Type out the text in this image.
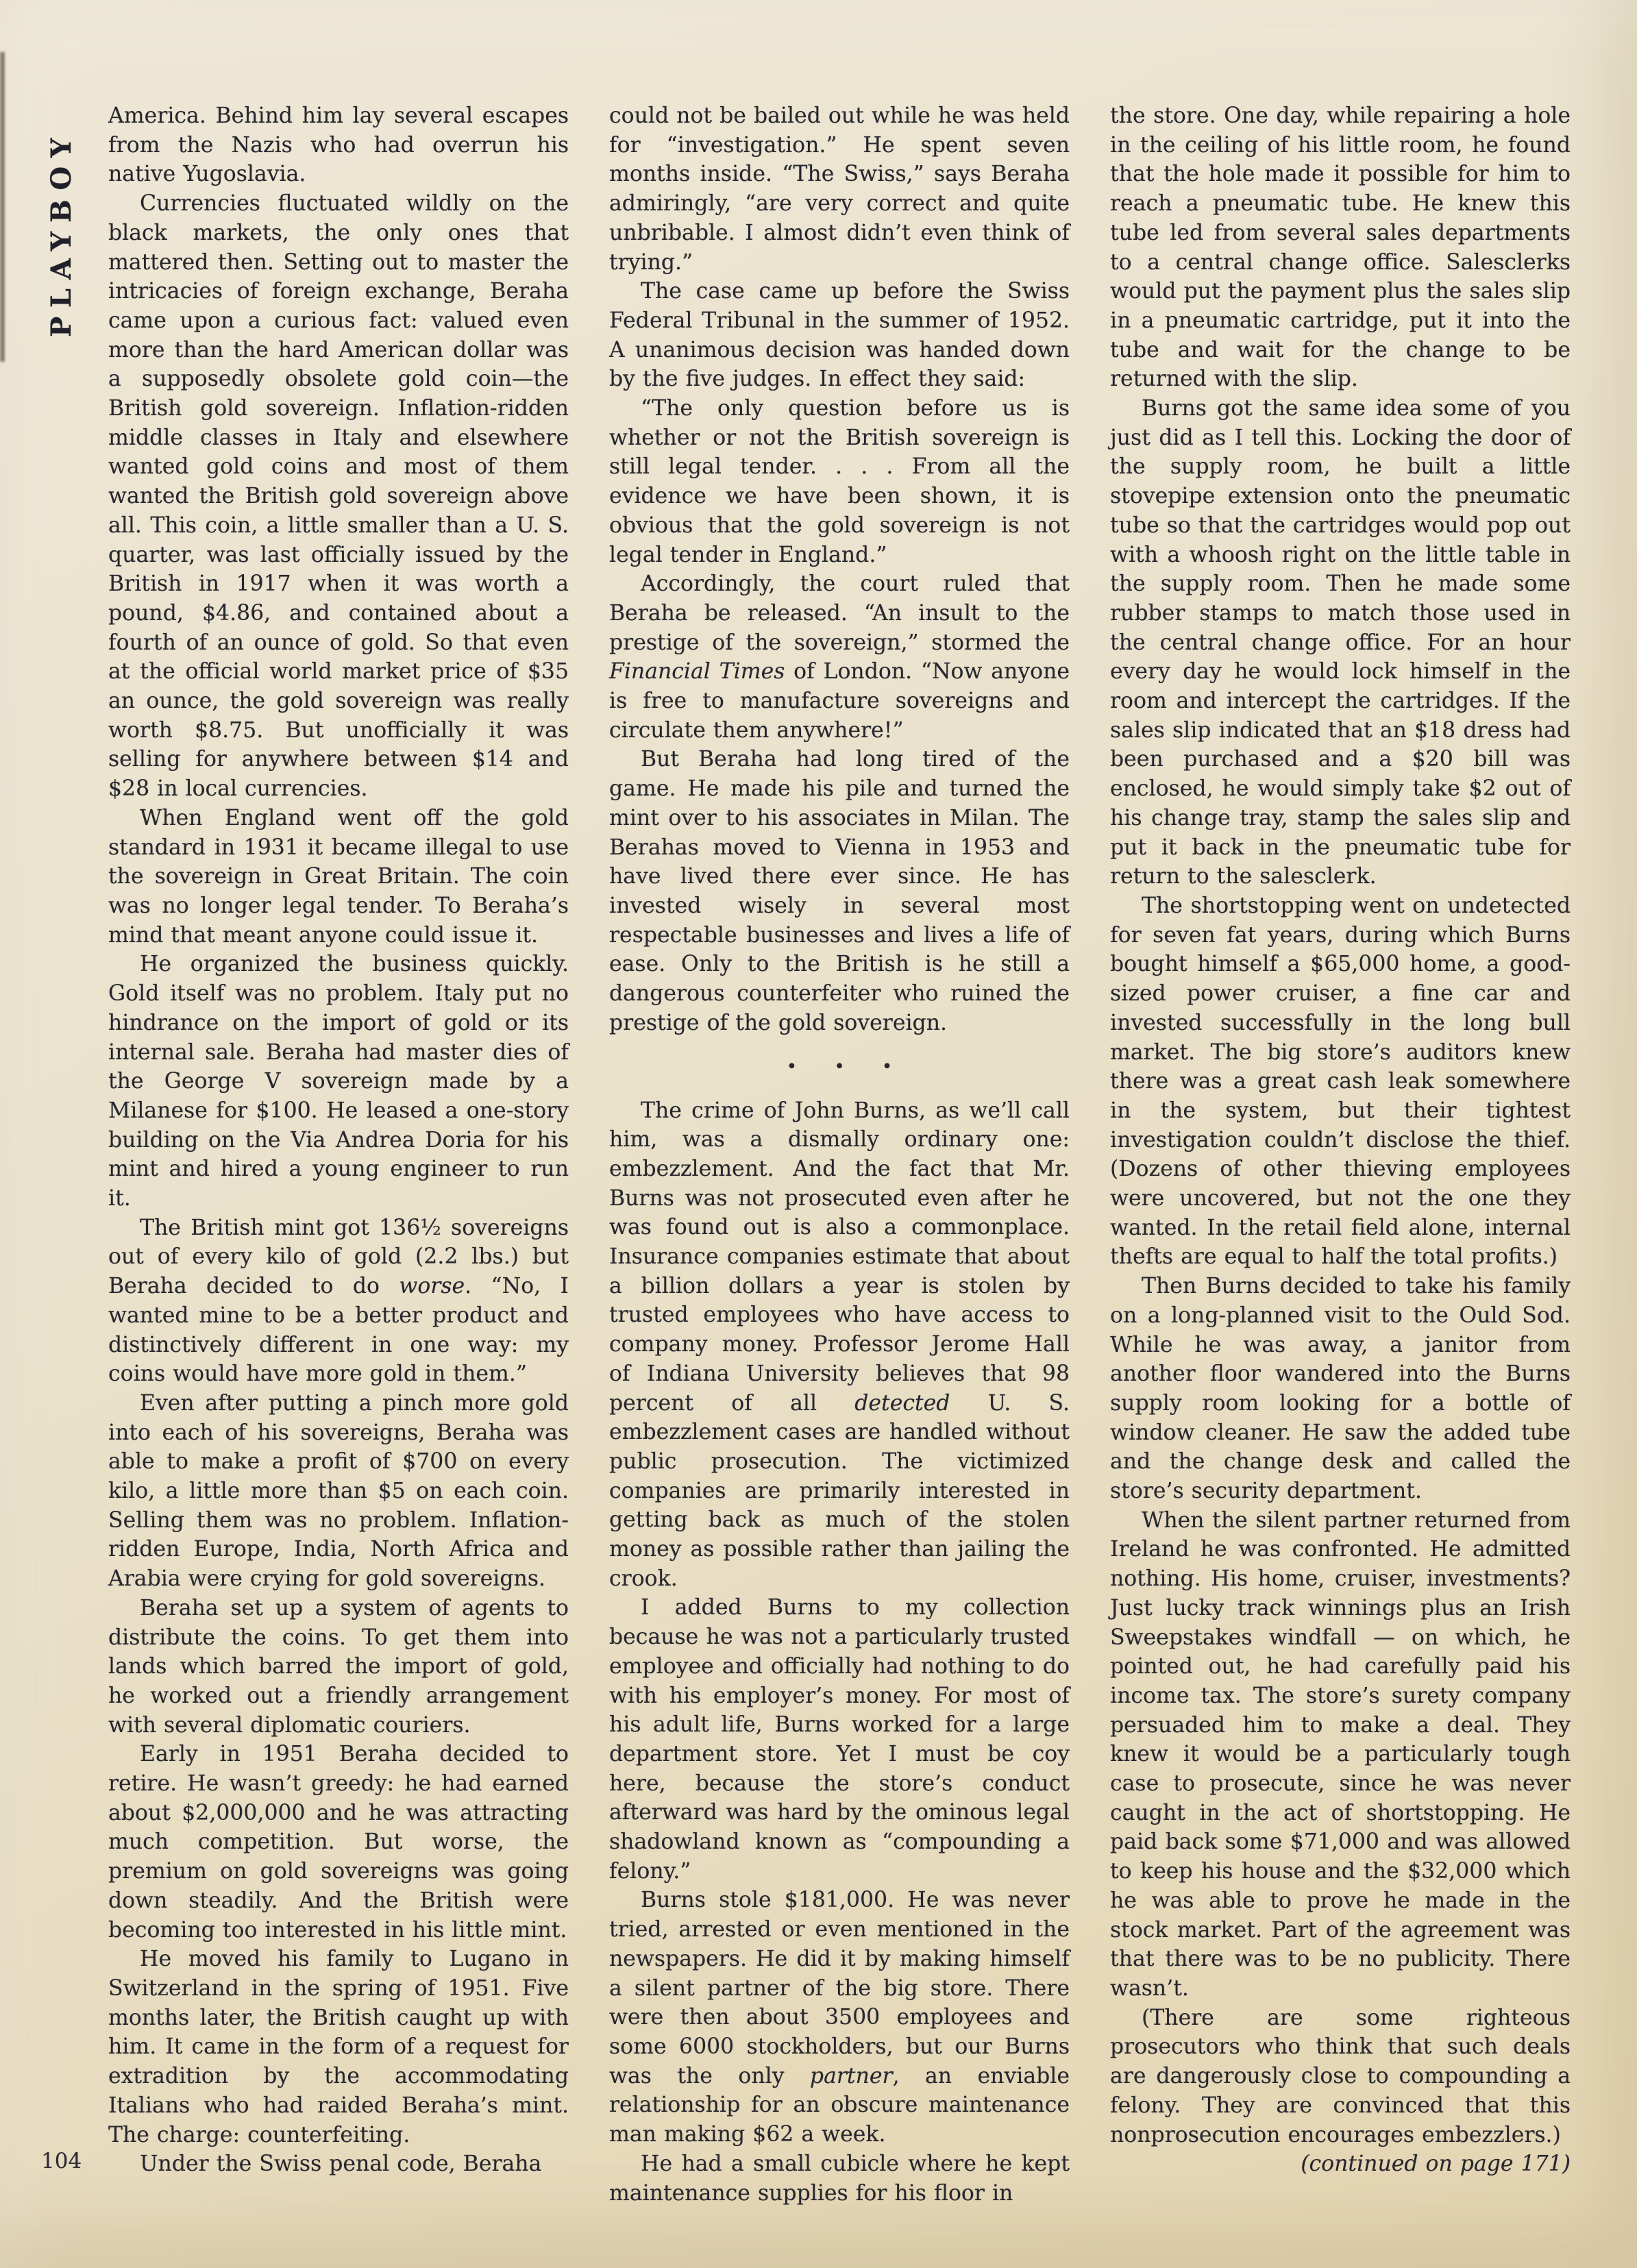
PLAYBOY

America. Behind him lay several escapes from the Nazis who had overrun his native Yugoslavia.

Currencies fluctuated wildly on the black markets, the only ones that mattered then. Setting out to master the intricacies of foreign exchange, Beraha came upon a curious fact: valued even more than the hard American dollar was a supposedly obsolete gold coin—the British gold sovereign. Inflation-ridden middle classes in Italy and elsewhere wanted gold coins and most of them wanted the British gold sovereign above all. This coin, a little smaller than a U. S. quarter, was last officially issued by the British in 1917 when it was worth a pound, $4.86, and contained about a fourth of an ounce of gold. So that even at the official world market price of $35 an ounce, the gold sovereign was really worth $8.75. But unofficially it was selling for anywhere between $14 and $28 in local currencies.

When England went off the gold standard in 1931 it became illegal to use the sovereign in Great Britain. The coin was no longer legal tender. To Beraha’s mind that meant anyone could issue it.

He organized the business quickly. Gold itself was no problem. Italy put no hindrance on the import of gold or its internal sale. Beraha had master dies of the George V sovereign made by a Milanese for $100. He leased a one-story building on the Via Andrea Doria for his mint and hired a young engineer to run it.

The British mint got 136½ sovereigns out of every kilo of gold (2.2 lbs.) but Beraha decided to do worse. “No, I wanted mine to be a better product and distinctively different in one way: my coins would have more gold in them.”

Even after putting a pinch more gold into each of his sovereigns, Beraha was able to make a profit of $700 on every kilo, a little more than $5 on each coin. Selling them was no problem. Inflation-ridden Europe, India, North Africa and Arabia were crying for gold sovereigns.

Beraha set up a system of agents to distribute the coins. To get them into lands which barred the import of gold, he worked out a friendly arrangement with several diplomatic couriers.

Early in 1951 Beraha decided to retire. He wasn’t greedy: he had earned about $2,000,000 and he was attracting much competition. But worse, the premium on gold sovereigns was going down steadily. And the British were becoming too interested in his little mint.

He moved his family to Lugano in Switzerland in the spring of 1951. Five months later, the British caught up with him. It came in the form of a request for extradition by the accommodating Italians who had raided Beraha’s mint. The charge: counterfeiting.

Under the Swiss penal code, Beraha

could not be bailed out while he was held for “investigation.” He spent seven months inside. “The Swiss,” says Beraha admiringly, “are very correct and quite unbribable. I almost didn’t even think of trying.”

The case came up before the Swiss Federal Tribunal in the summer of 1952. A unanimous decision was handed down by the five judges. In effect they said:

“The only question before us is whether or not the British sovereign is still legal tender. . . . From all the evidence we have been shown, it is obvious that the gold sovereign is not legal tender in England.”

Accordingly, the court ruled that Beraha be released. “An insult to the prestige of the sovereign,” stormed the Financial Times of London. “Now anyone is free to manufacture sovereigns and circulate them anywhere!”

But Beraha had long tired of the game. He made his pile and turned the mint over to his associates in Milan. The Berahas moved to Vienna in 1953 and have lived there ever since. He has invested wisely in several most respectable businesses and lives a life of ease. Only to the British is he still a dangerous counterfeiter who ruined the prestige of the gold sovereign.

• • •

The crime of John Burns, as we’ll call him, was a dismally ordinary one: embezzlement. And the fact that Mr. Burns was not prosecuted even after he was found out is also a commonplace. Insurance companies estimate that about a billion dollars a year is stolen by trusted employees who have access to company money. Professor Jerome Hall of Indiana University believes that 98 percent of all detected U. S. embezzlement cases are handled without public prosecution. The victimized companies are primarily interested in getting back as much of the stolen money as possible rather than jailing the crook.

I added Burns to my collection because he was not a particularly trusted employee and officially had nothing to do with his employer’s money. For most of his adult life, Burns worked for a large department store. Yet I must be coy here, because the store’s conduct afterward was hard by the ominous legal shadowland known as “compounding a felony.”

Burns stole $181,000. He was never tried, arrested or even mentioned in the newspapers. He did it by making himself a silent partner of the big store. There were then about 3500 employees and some 6000 stockholders, but our Burns was the only partner, an enviable relationship for an obscure maintenance man making $62 a week.

He had a small cubicle where he kept maintenance supplies for his floor in

the store. One day, while repairing a hole in the ceiling of his little room, he found that the hole made it possible for him to reach a pneumatic tube. He knew this tube led from several sales departments to a central change office. Salesclerks would put the payment plus the sales slip in a pneumatic cartridge, put it into the tube and wait for the change to be returned with the slip.

Burns got the same idea some of you just did as I tell this. Locking the door of the supply room, he built a little stovepipe extension onto the pneumatic tube so that the cartridges would pop out with a whoosh right on the little table in the supply room. Then he made some rubber stamps to match those used in the central change office. For an hour every day he would lock himself in the room and intercept the cartridges. If the sales slip indicated that an $18 dress had been purchased and a $20 bill was enclosed, he would simply take $2 out of his change tray, stamp the sales slip and put it back in the pneumatic tube for return to the salesclerk.

The shortstopping went on undetected for seven fat years, during which Burns bought himself a $65,000 home, a good-sized power cruiser, a fine car and invested successfully in the long bull market. The big store’s auditors knew there was a great cash leak somewhere in the system, but their tightest investigation couldn’t disclose the thief. (Dozens of other thieving employees were uncovered, but not the one they wanted. In the retail field alone, internal thefts are equal to half the total profits.)

Then Burns decided to take his family on a long-planned visit to the Ould Sod. While he was away, a janitor from another floor wandered into the Burns supply room looking for a bottle of window cleaner. He saw the added tube and the change desk and called the store’s security department.

When the silent partner returned from Ireland he was confronted. He admitted nothing. His home, cruiser, investments? Just lucky track winnings plus an Irish Sweepstakes windfall — on which, he pointed out, he had carefully paid his income tax. The store’s surety company persuaded him to make a deal. They knew it would be a particularly tough case to prosecute, since he was never caught in the act of shortstopping. He paid back some $71,000 and was allowed to keep his house and the $32,000 which he was able to prove he made in the stock market. Part of the agreement was that there was to be no publicity. There wasn’t.

(There are some righteous prosecutors who think that such deals are dangerously close to compounding a felony. They are convinced that this nonprosecution encourages embezzlers.)

(continued on page 171)

104
